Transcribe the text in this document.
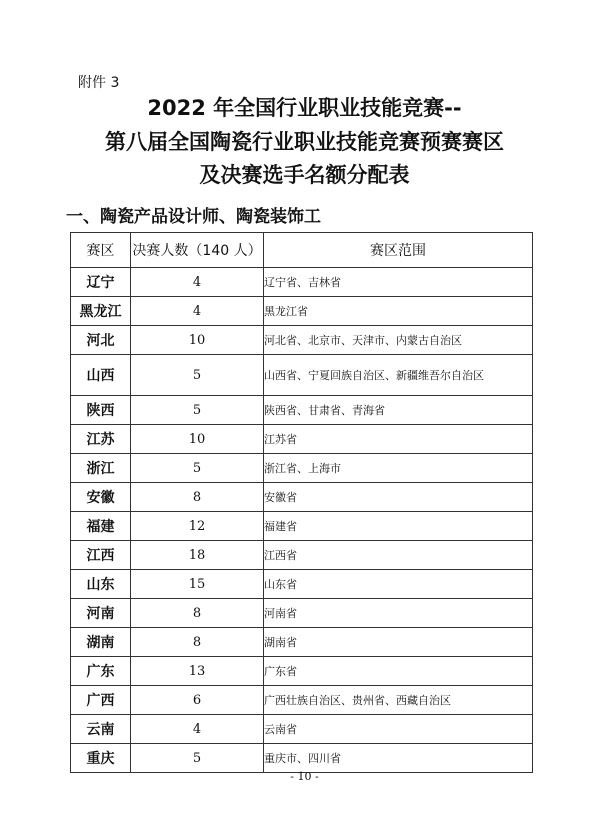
附件 3
2022 年全国行业职业技能竞赛--
第八届全国陶瓷行业职业技能竞赛预赛赛区
及决赛选手名额分配表
一、陶瓷产品设计师、陶瓷装饰工
赛区	决赛人数（140 人）	赛区范围
辽宁	4	辽宁省、吉林省
黑龙江	4	黑龙江省
河北	10	河北省、北京市、天津市、内蒙古自治区
山西	5	山西省、宁夏回族自治区、新疆维吾尔自治区
陕西	5	陕西省、甘肃省、青海省
江苏	10	江苏省
浙江	5	浙江省、上海市
安徽	8	安徽省
福建	12	福建省
江西	18	江西省
山东	15	山东省
河南	8	河南省
湖南	8	湖南省
广东	13	广东省
广西	6	广西壮族自治区、贵州省、西藏自治区
云南	4	云南省
重庆	5	重庆市、四川省
- 10 -
